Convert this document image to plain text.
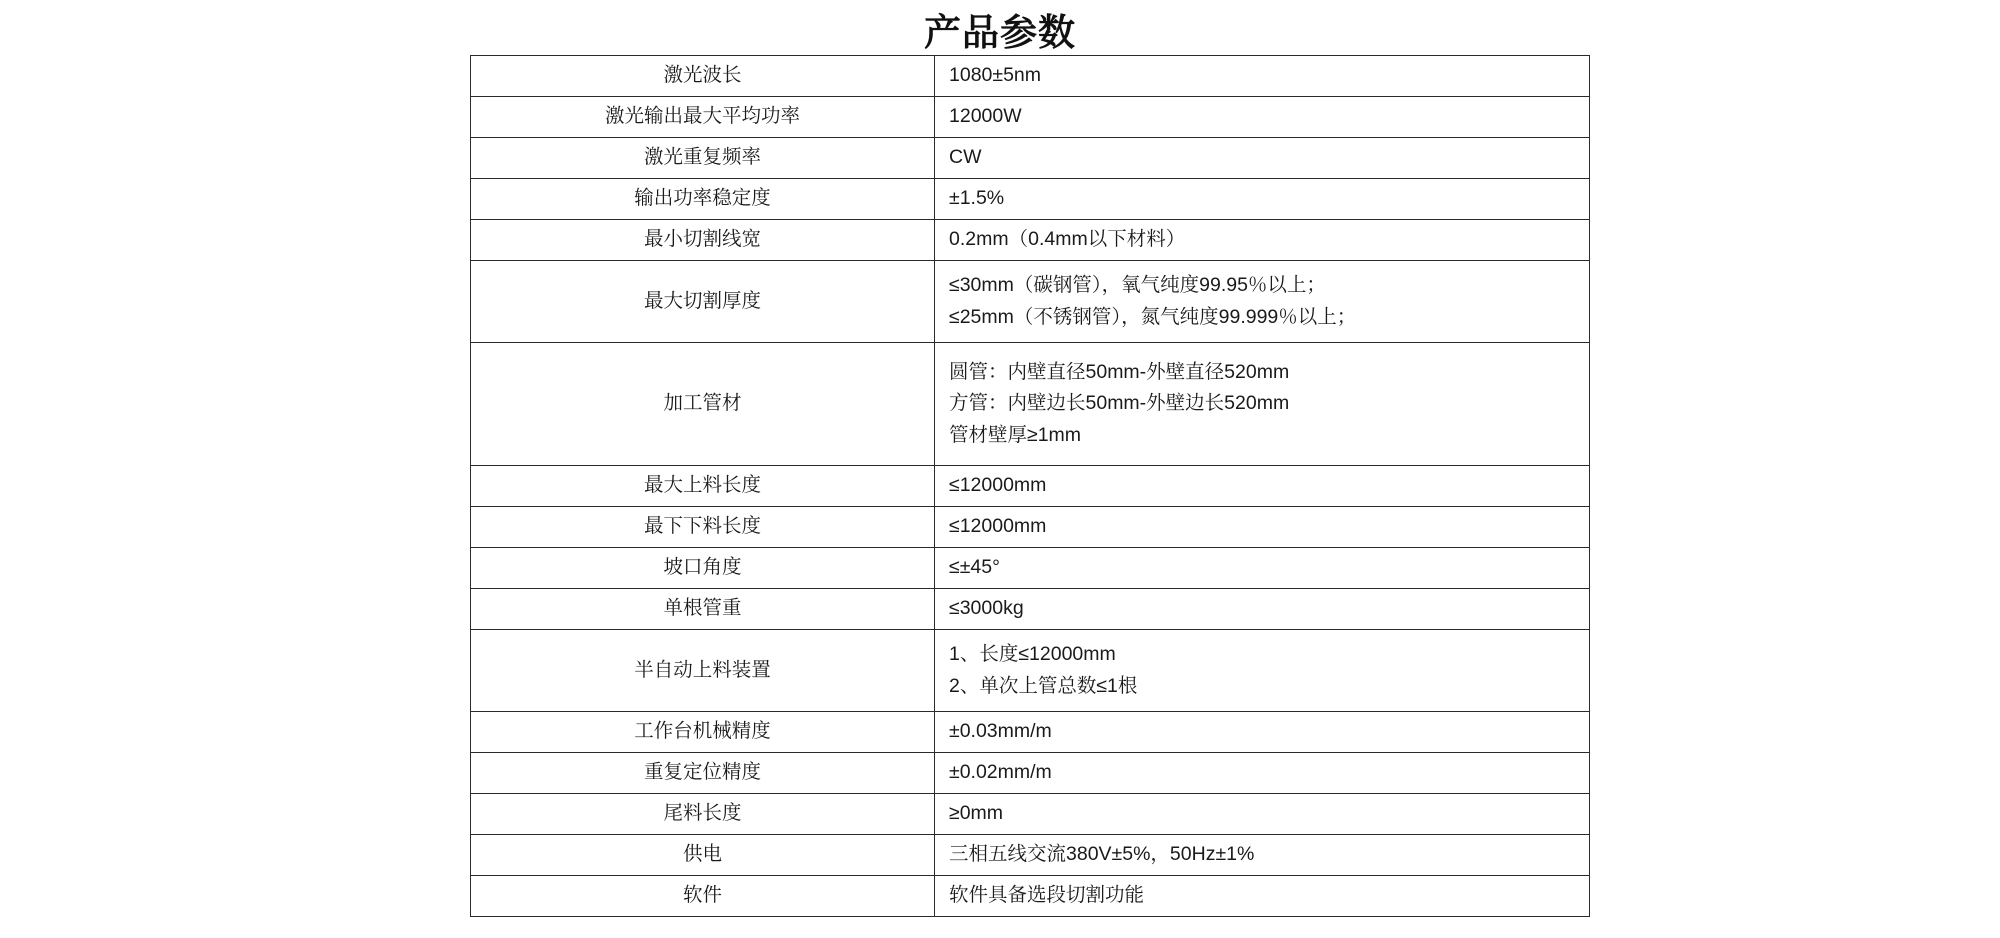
产品参数
激光波长	1080±5nm

激光输出最大平均功率	12000W

激光重复频率	CW

输出功率稳定度	±1.5%

最小切割线宽	0.2mm（0.4mm以下材料）

最大切割厚度	≤30mm（碳钢管），氧气纯度99.95％以上；
≤25mm（不锈钢管），氮气纯度99.999％以上；

加工管材	圆管：内壁直径50mm-外壁直径520mm
方管：内壁边长50mm-外壁边长520mm
管材壁厚≥1mm

最大上料长度	≤12000mm

最下下料长度	≤12000mm

坡口角度	≤±45°

单根管重	≤3000kg

半自动上料装置	1、长度≤12000mm
2、单次上管总数≤1根

工作台机械精度	±0.03mm/m

重复定位精度	±0.02mm/m

尾料长度	≥0mm

供电	三相五线交流380V±5%，50Hz±1%

软件	软件具备选段切割功能
